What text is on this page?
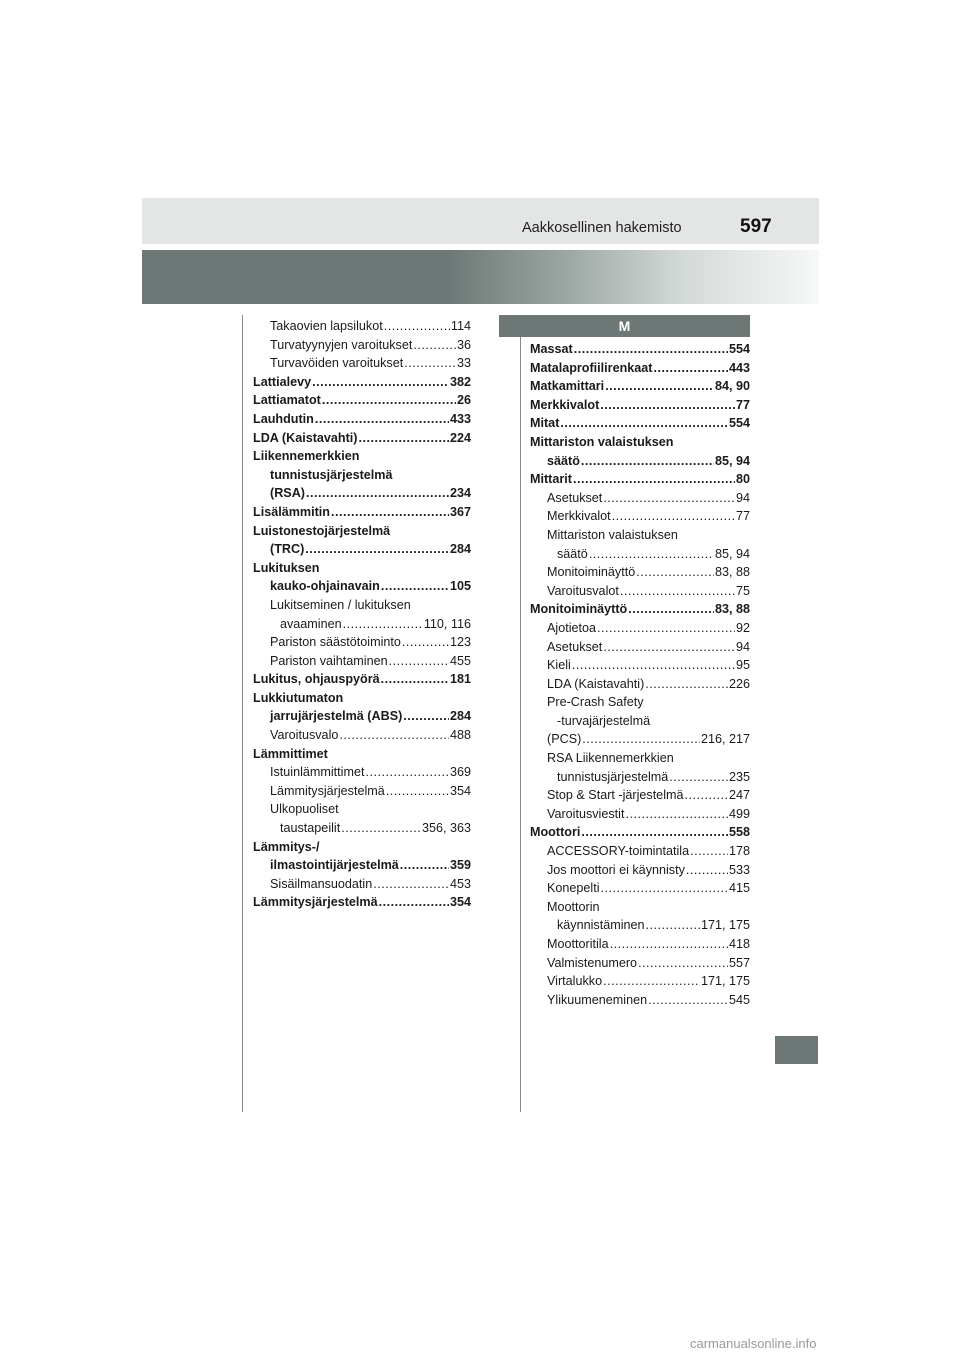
Aakkosellinen hakemisto	597
Takaovien lapsilukot .....	114
Turvatyynyjen varoitukset .....	36
Turvavöiden varoitukset .....	33
Lattialevy .....	382
Lattiamatot .....	26
Lauhdutin .....	433
LDA (Kaistavahti) .....	224
Liikennemerkkien
tunnistusjärjestelmä
(RSA) .....	234
Lisälämmitin .....	367
Luistonestojärjestelmä
(TRC) .....	284
Lukituksen
kauko-ohjainavain .....	105
Lukitseminen / lukituksen
avaaminen .....	110, 116
Pariston säästötoiminto .....	123
Pariston vaihtaminen .....	455
Lukitus, ohjauspyörä .....	181
Lukkiutumaton
jarrujärjestelmä (ABS) .....	284
Varoitusvalo .....	488
Lämmittimet
Istuinlämmittimet .....	369
Lämmitysjärjestelmä .....	354
Ulkopuoliset
taustapeilit .....	356, 363
Lämmitys-/
ilmastointijärjestelmä .....	359
Sisäilmansuodatin .....	453
Lämmitysjärjestelmä .....	354
M
Massat .....	554
Matalaprofiilirenkaat .....	443
Matkamittari .....	84, 90
Merkkivalot .....	77
Mitat .....	554
Mittariston valaistuksen
säätö .....	85, 94
Mittarit .....	80
Asetukset .....	94
Merkkivalot .....	77
Mittariston valaistuksen
säätö .....	85, 94
Monitoiminäyttö .....	83, 88
Varoitusvalot .....	75
Monitoiminäyttö .....	83, 88
Ajotietoa .....	92
Asetukset .....	94
Kieli .....	95
LDA (Kaistavahti) .....	226
Pre-Crash Safety
-turvajärjestelmä
(PCS) .....	216, 217
RSA Liikennemerkkien
tunnistusjärjestelmä .....	235
Stop & Start -järjestelmä .....	247
Varoitusviestit .....	499
Moottori .....	558
ACCESSORY-toimintatila .....	178
Jos moottori ei käynnisty .....	533
Konepelti .....	415
Moottorin
käynnistäminen .....	171, 175
Moottoritila .....	418
Valmistenumero .....	557
Virtalukko .....	171, 175
Ylikuumeneminen .....	545
carmanualsonline.info
